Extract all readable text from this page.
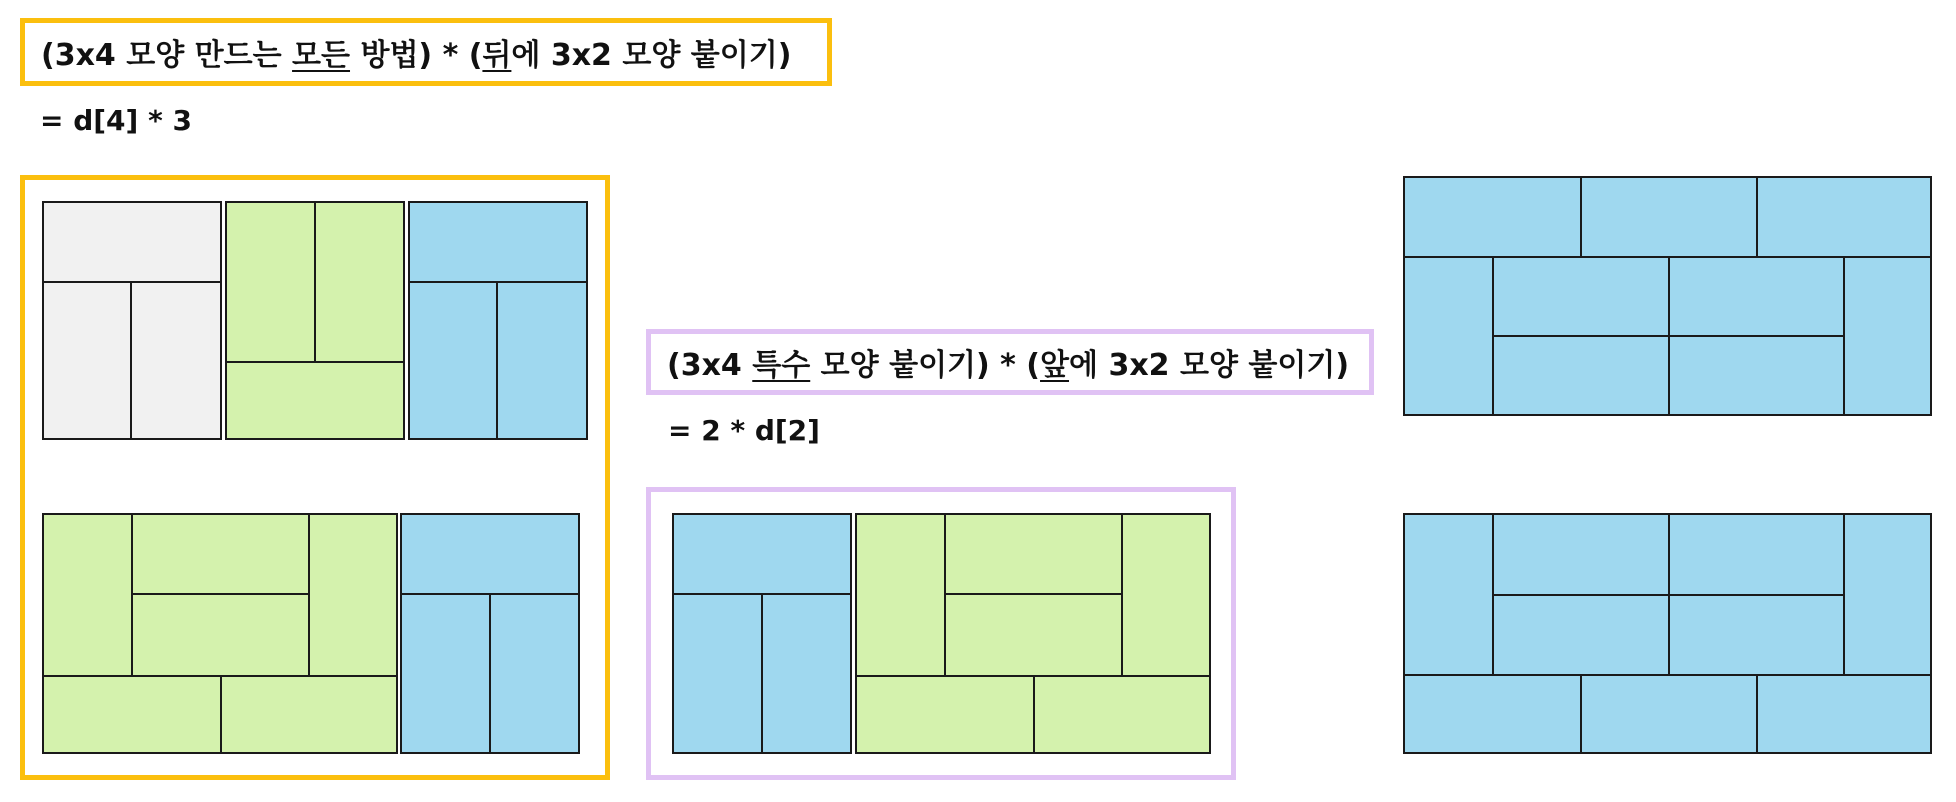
(3x4 모양 만드는 모든 방법) * (뒤에 3x2 모양 붙이기)
= d[4] * 3
(3x4 특수 모양 붙이기) * (앞에 3x2 모양 붙이기)
= 2 * d[2]
